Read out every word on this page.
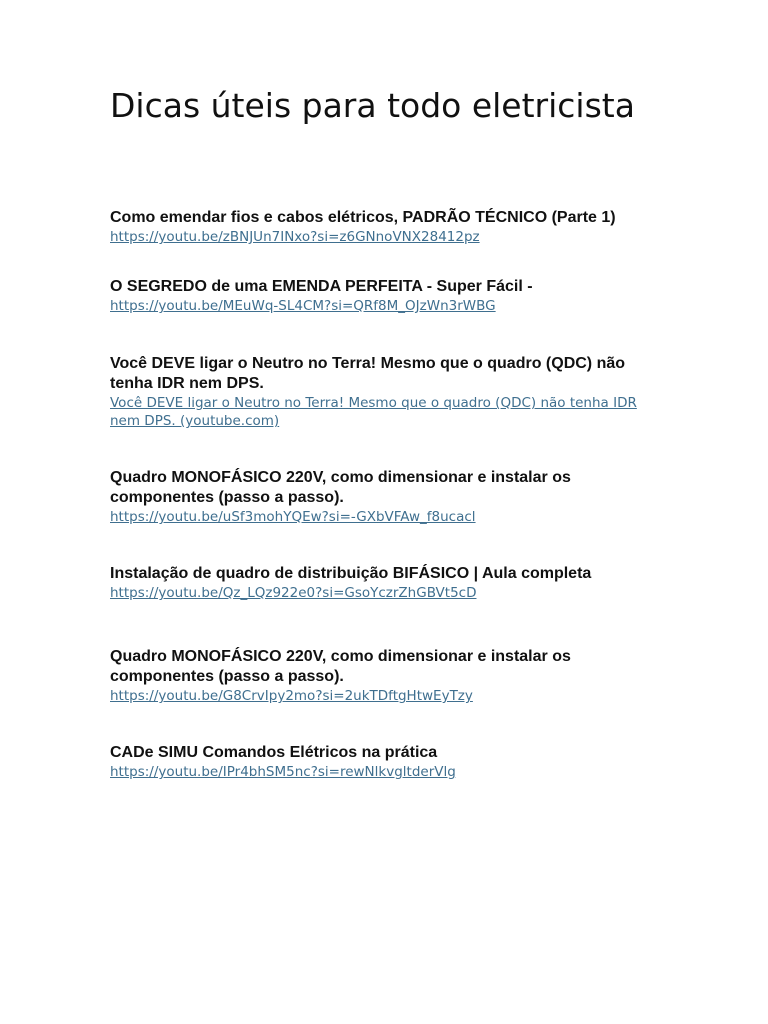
Dicas úteis para todo eletricista

Como emendar fios e cabos elétricos, PADRÃO TÉCNICO (Parte 1)

https://youtu.be/zBNJUn7INxo?si=z6GNnoVNX28412pz

O SEGREDO de uma EMENDA PERFEITA - Super Fácil -

https://youtu.be/MEuWq-SL4CM?si=QRf8M_OJzWn3rWBG

Você DEVE ligar o Neutro no Terra! Mesmo que o quadro (QDC) não tenha IDR nem DPS.

Você DEVE ligar o Neutro no Terra! Mesmo que o quadro (QDC) não tenha IDR nem DPS. (youtube.com)

Quadro MONOFÁSICO 220V, como dimensionar e instalar os componentes (passo a passo).

https://youtu.be/uSf3mohYQEw?si=-GXbVFAw_f8ucacl

Instalação de quadro de distribuição BIFÁSICO | Aula completa

https://youtu.be/Qz_LQz922e0?si=GsoYczrZhGBVt5cD

Quadro MONOFÁSICO 220V, como dimensionar e instalar os componentes (passo a passo).

https://youtu.be/G8CrvIpy2mo?si=2ukTDftgHtwEyTzy

CADe SIMU Comandos Elétricos na prática

https://youtu.be/IPr4bhSM5nc?si=rewNlkvgltderVlg
